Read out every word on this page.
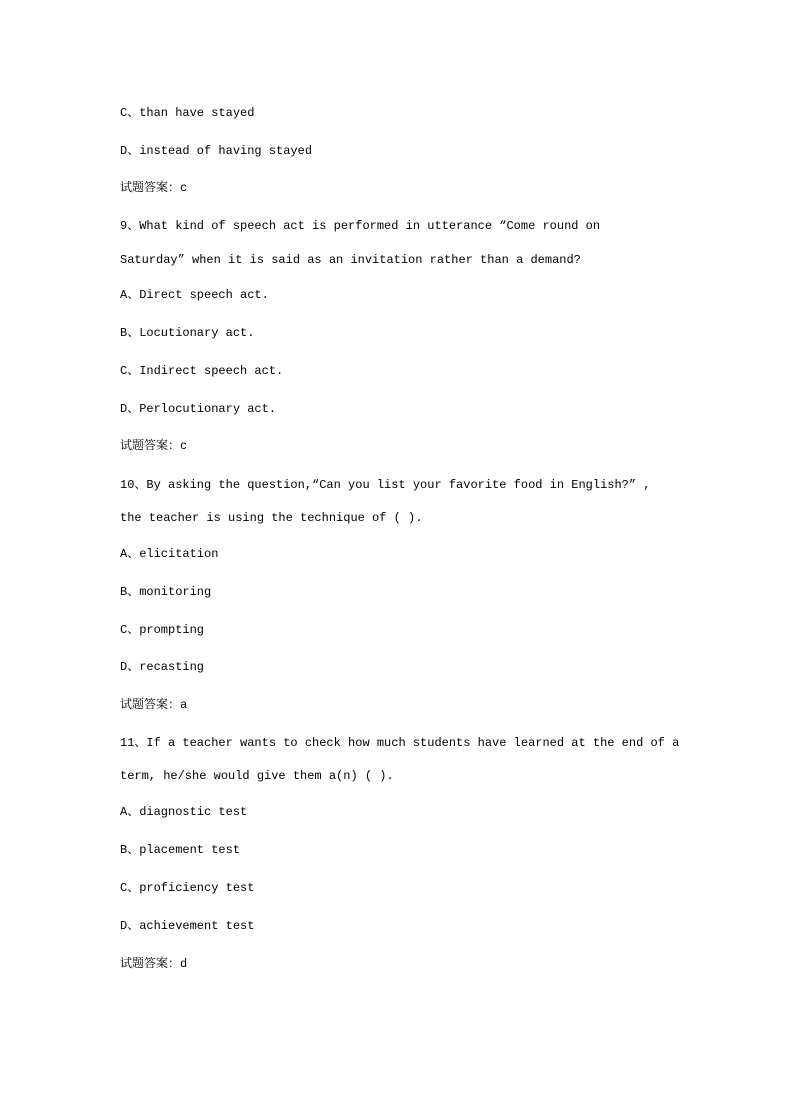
C、than have stayed
D、instead of having stayed
试题答案：c
9、What kind of speech act is performed in utterance “Come round on
Saturday” when it is said as an invitation rather than a demand?
A、Direct speech act.
B、Locutionary act.
C、Indirect speech act.
D、Perlocutionary act.
试题答案：c
10、By asking the question,“Can you list your favorite food in English?” ,
the teacher is using the technique of ( ).
A、elicitation
B、monitoring
C、prompting
D、recasting
试题答案：a
11、If a teacher wants to check how much students have learned at the end of a
term, he/she would give them a(n) ( ).
A、diagnostic test
B、placement test
C、proficiency test
D、achievement test
试题答案：d
